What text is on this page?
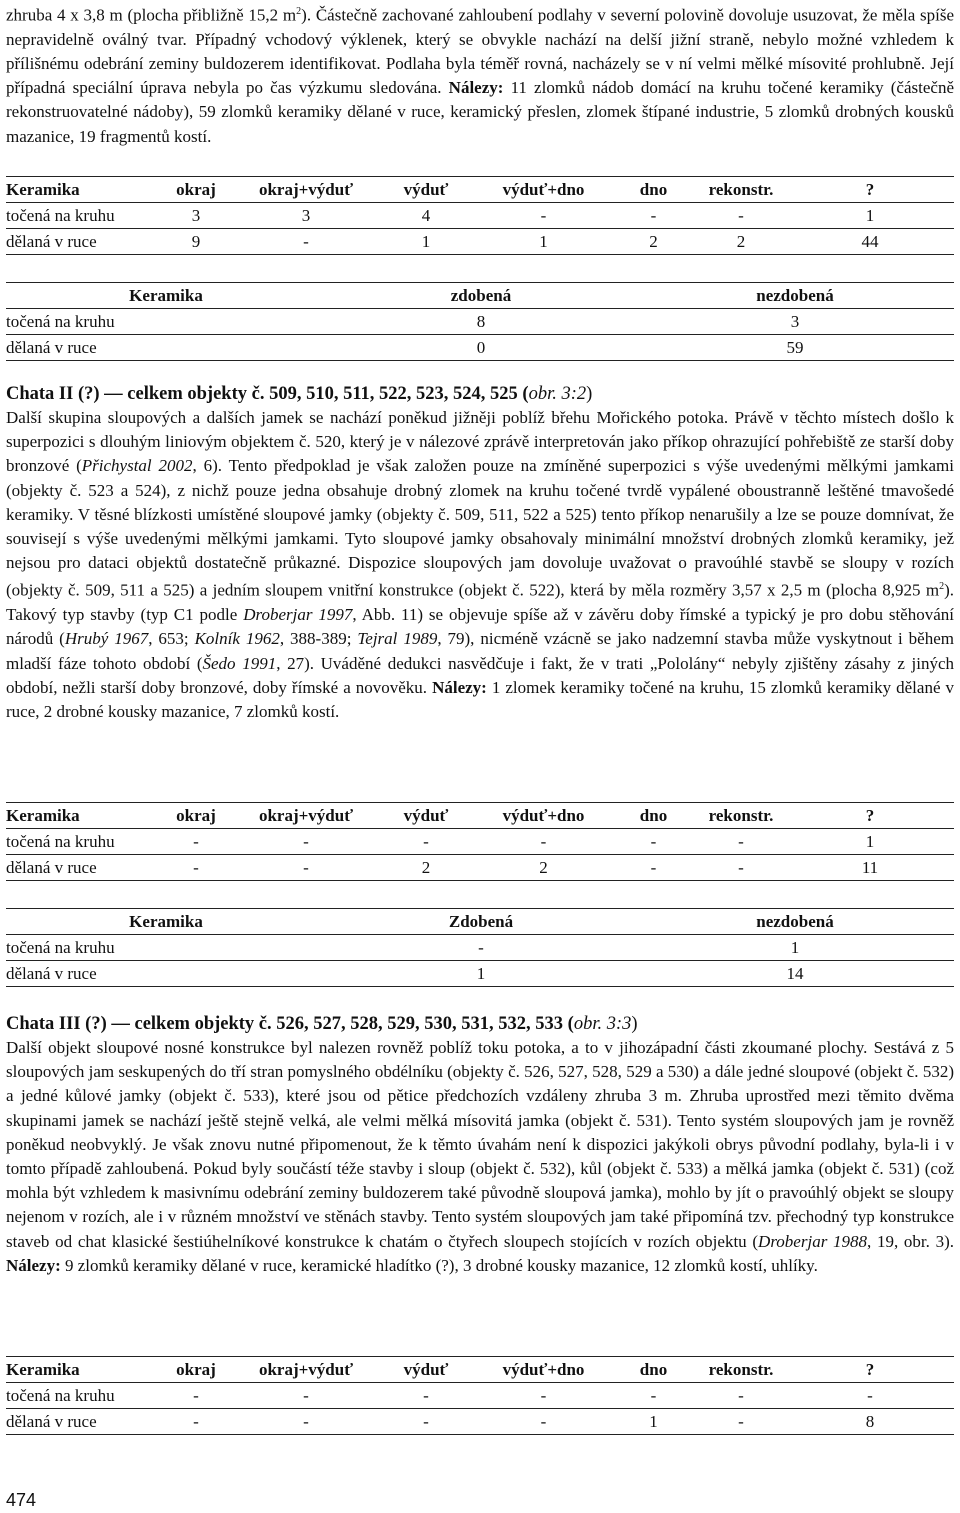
zhruba 4 x 3,8 m (plocha přibližně 15,2 $m^2$). Částečně zachované zahloubení podlahy v severní polovině dovoluje usuzovat, že měla spíše nepravidelně oválný tvar. Případný vchodový výklenek, který se obvykle nachází na delší jižní straně, nebylo možné vzhledem k přílišnému odebrání zeminy buldozerem identifikovat. Podlaha byla téměř rovná, nacházely se v ní velmi mělké mísovité prohlubně. Její případná speciální úprava nebyla po čas výzkumu sledována. Nálezy: 11 zlomků nádob domácí na kruhu točené keramiky (částečně rekonstruovatelné nádoby), 59 zlomků keramiky dělané v ruce, keramický přeslen, zlomek štípané industrie, 5 zlomků drobných kousků mazanice, 19 fragmentů kostí.

Keramika	okraj	okraj+výduť	výduť	výduť+dno	dno	rekonstr.	?
točená na kruhu	3	3	4	-	-	-	1
dělaná v ruce	9	-	1	1	2	2	44
Keramika	zdobená	nezdobená
točená na kruhu	8	3
dělaná v ruce	0	59

Chata II (?) — celkem objekty č. 509, 510, 511, 522, 523, 524, 525 (obr. 3:2)

Další skupina sloupových a dalších jamek se nachází poněkud jižněji poblíž břehu Mořického potoka. Právě v těchto místech došlo k superpozici s dlouhým liniovým objektem č. 520, který je v nálezové zprávě interpretován jako příkop ohrazující pohřebiště ze starší doby bronzové (Přichystal 2002, 6). Tento předpoklad je však založen pouze na zmíněné superpozici s výše uvedenými mělkými jamkami (objekty č. 523 a 524), z nichž pouze jedna obsahuje drobný zlomek na kruhu točené tvrdě vypálené oboustranně leštěné tmavošedé keramiky. V těsné blízkosti umístěné sloupové jamky (objekty č. 509, 511, 522 a 525) tento příkop nenarušily a lze se pouze domnívat, že souvisejí s výše uvedenými mělkými jamkami. Tyto sloupové jamky obsahovaly minimální množství drobných zlomků keramiky, jež nejsou pro dataci objektů dostatečně průkazné. Dispozice sloupových jam dovoluje uvažovat o pravoúhlé stavbě se sloupy v rozích (objekty č. 509, 511 a 525) a jedním sloupem vnitřní konstrukce (objekt č. 522), která by měla rozměry 3,57 x 2,5 m (plocha 8,925 $m^2$). Takový typ stavby (typ C1 podle Droberjar 1997, Abb. 11) se objevuje spíše až v závěru doby římské a typický je pro dobu stěhování národů (Hrubý 1967, 653; Kolník 1962, 388-389; Tejral 1989, 79), nicméně vzácně se jako nadzemní stavba může vyskytnout i během mladší fáze tohoto období (Šedo 1991, 27). Uváděné dedukci nasvědčuje i fakt, že v trati „Pololány“ nebyly zjištěny zásahy z jiných období, nežli starší doby bronzové, doby římské a novověku. Nálezy: 1 zlomek keramiky točené na kruhu, 15 zlomků keramiky dělané v ruce, 2 drobné kousky mazanice, 7 zlomků kostí.

Keramika	okraj	okraj+výduť	výduť	výduť+dno	dno	rekonstr.	?
točená na kruhu	-	-	-	-	-	-	1
dělaná v ruce	-	-	2	2	-	-	11
Keramika	Zdobená	nezdobená
točená na kruhu	-	1
dělaná v ruce	1	14

Chata III (?) — celkem objekty č. 526, 527, 528, 529, 530, 531, 532, 533 (obr. 3:3)

Další objekt sloupové nosné konstrukce byl nalezen rovněž poblíž toku potoka, a to v jihozápadní části zkoumané plochy. Sestává z 5 sloupových jam seskupených do tří stran pomyslného obdélníku (objekty č. 526, 527, 528, 529 a 530) a dále jedné sloupové (objekt č. 532) a jedné kůlové jamky (objekt č. 533), které jsou od pětice předchozích vzdáleny zhruba 3 m. Zhruba uprostřed mezi těmito dvěma skupinami jamek se nachází ještě stejně velká, ale velmi mělká mísovitá jamka (objekt č. 531). Tento systém sloupových jam je rovněž poněkud neobvyklý. Je však znovu nutné připomenout, že k těmto úvahám není k dispozici jakýkoli obrys původní podlahy, byla-li i v tomto případě zahloubená. Pokud byly součástí téže stavby i sloup (objekt č. 532), kůl (objekt č. 533) a mělká jamka (objekt č. 531) (což mohla být vzhledem k masivnímu odebrání zeminy buldozerem také původně sloupová jamka), mohlo by jít o pravoúhlý objekt se sloupy nejenom v rozích, ale i v různém množství ve stěnách stavby. Tento systém sloupových jam také připomíná tzv. přechodný typ konstrukce staveb od chat klasické šestiúhelníkové konstrukce k chatám o čtyřech sloupech stojících v rozích objektu (Droberjar 1988, 19, obr. 3). Nálezy: 9 zlomků keramiky dělané v ruce, keramické hladítko (?), 3 drobné kousky mazanice, 12 zlomků kostí, uhlíky.

Keramika	okraj	okraj+výduť	výduť	výduť+dno	dno	rekonstr.	?
točená na kruhu	-	-	-	-	-	-	-
dělaná v ruce	-	-	-	-	1	-	8
474
